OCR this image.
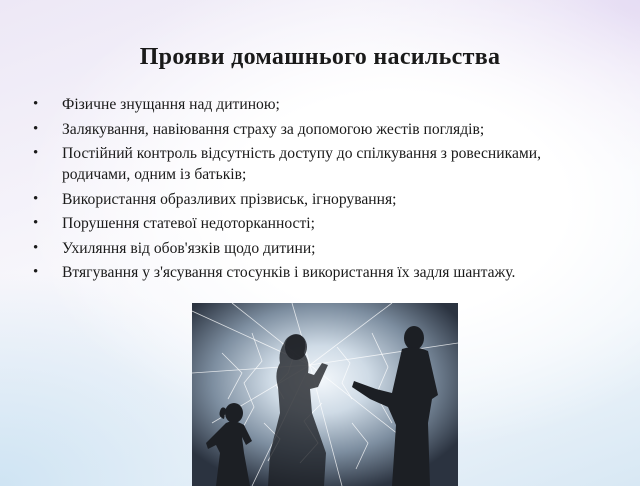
Прояви домашнього насильства
• Фізичне знущання над дитиною;
• Залякування, навіювання страху за допомогою жестів поглядів;
• Постійний контроль відсутність доступу до спілкування з ровесниками, родичами, одним із батьків;
• Використання образливих прізвиськ, ігнорування;
• Порушення статевої недоторканності;
• Ухиляння від обов'язків щодо дитини;
• Втягування у з'ясування стосунків і використання їх задля шантажу.
